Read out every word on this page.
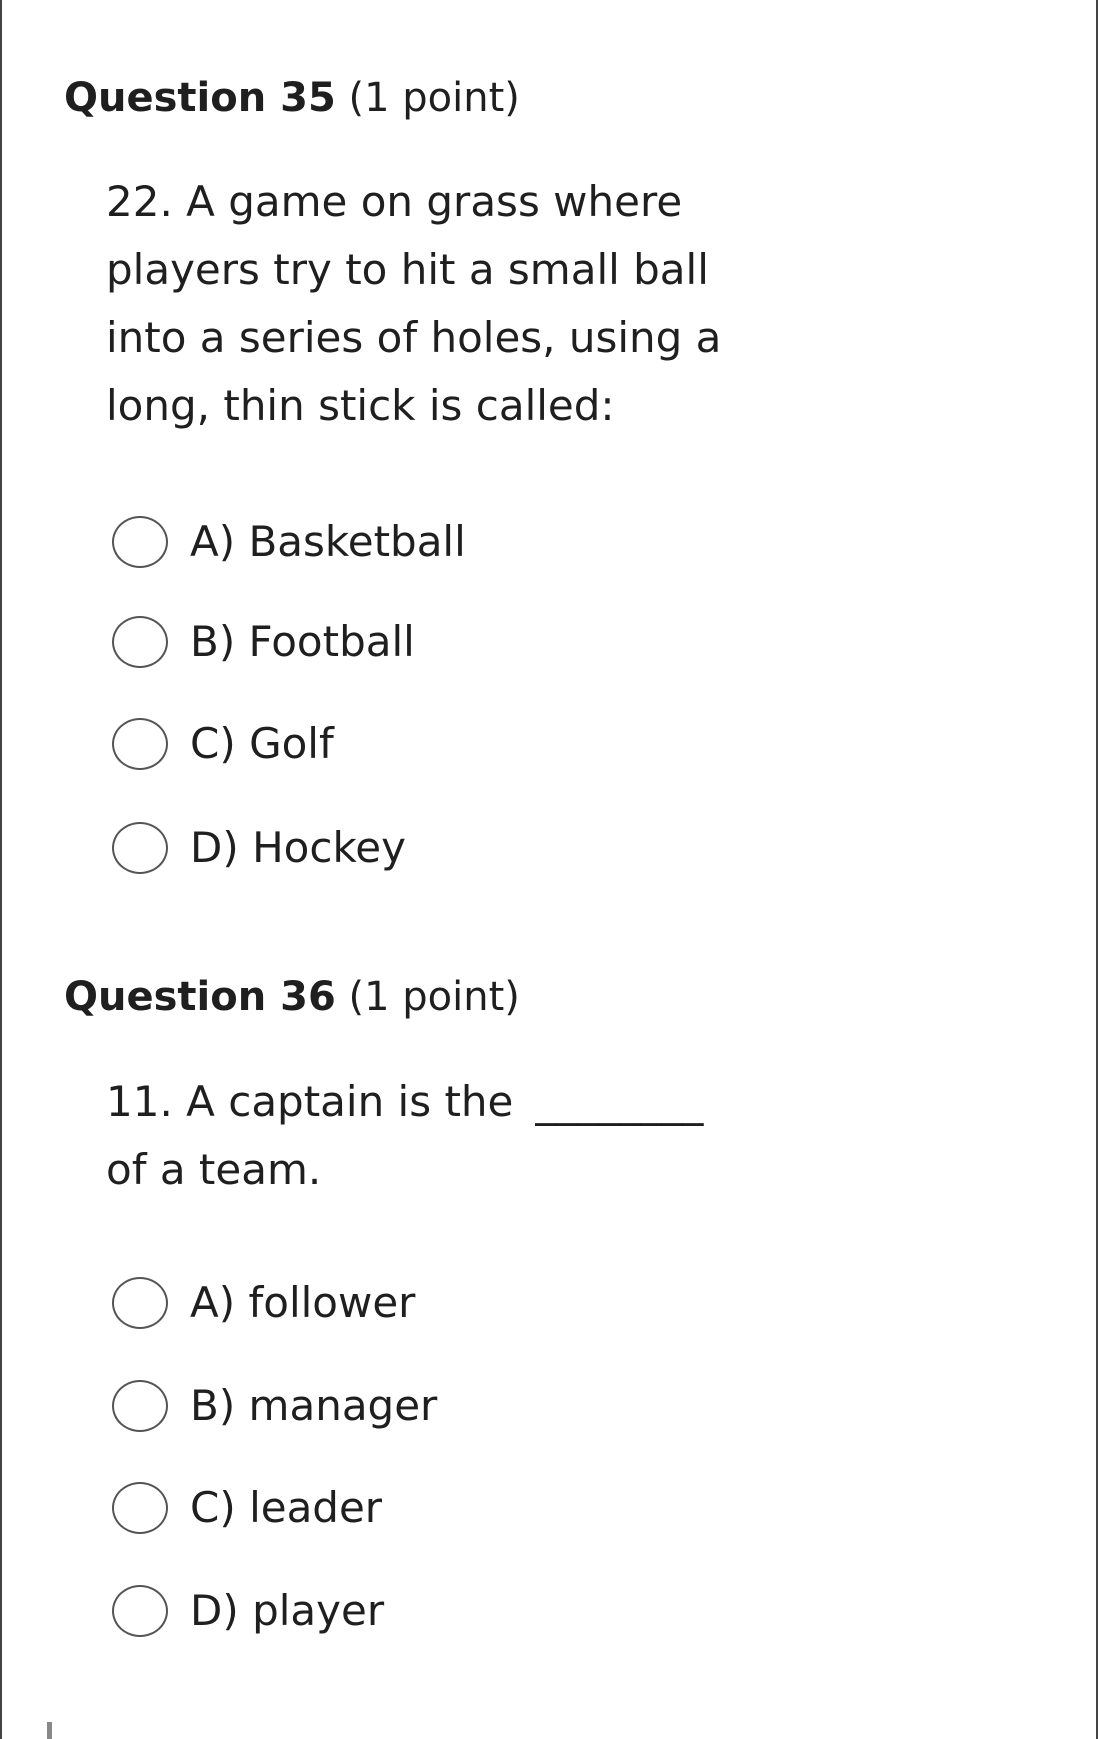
Question 35 (1 point)

22. A game on grass where players try to hit a small ball into a series of holes, using a long, thin stick is called:

A) Basketball
B) Football
C) Golf
D) Hockey
Question 36 (1 point)

11. A captain is the ________of a team.

A) follower
B) manager
C) leader
D) player
